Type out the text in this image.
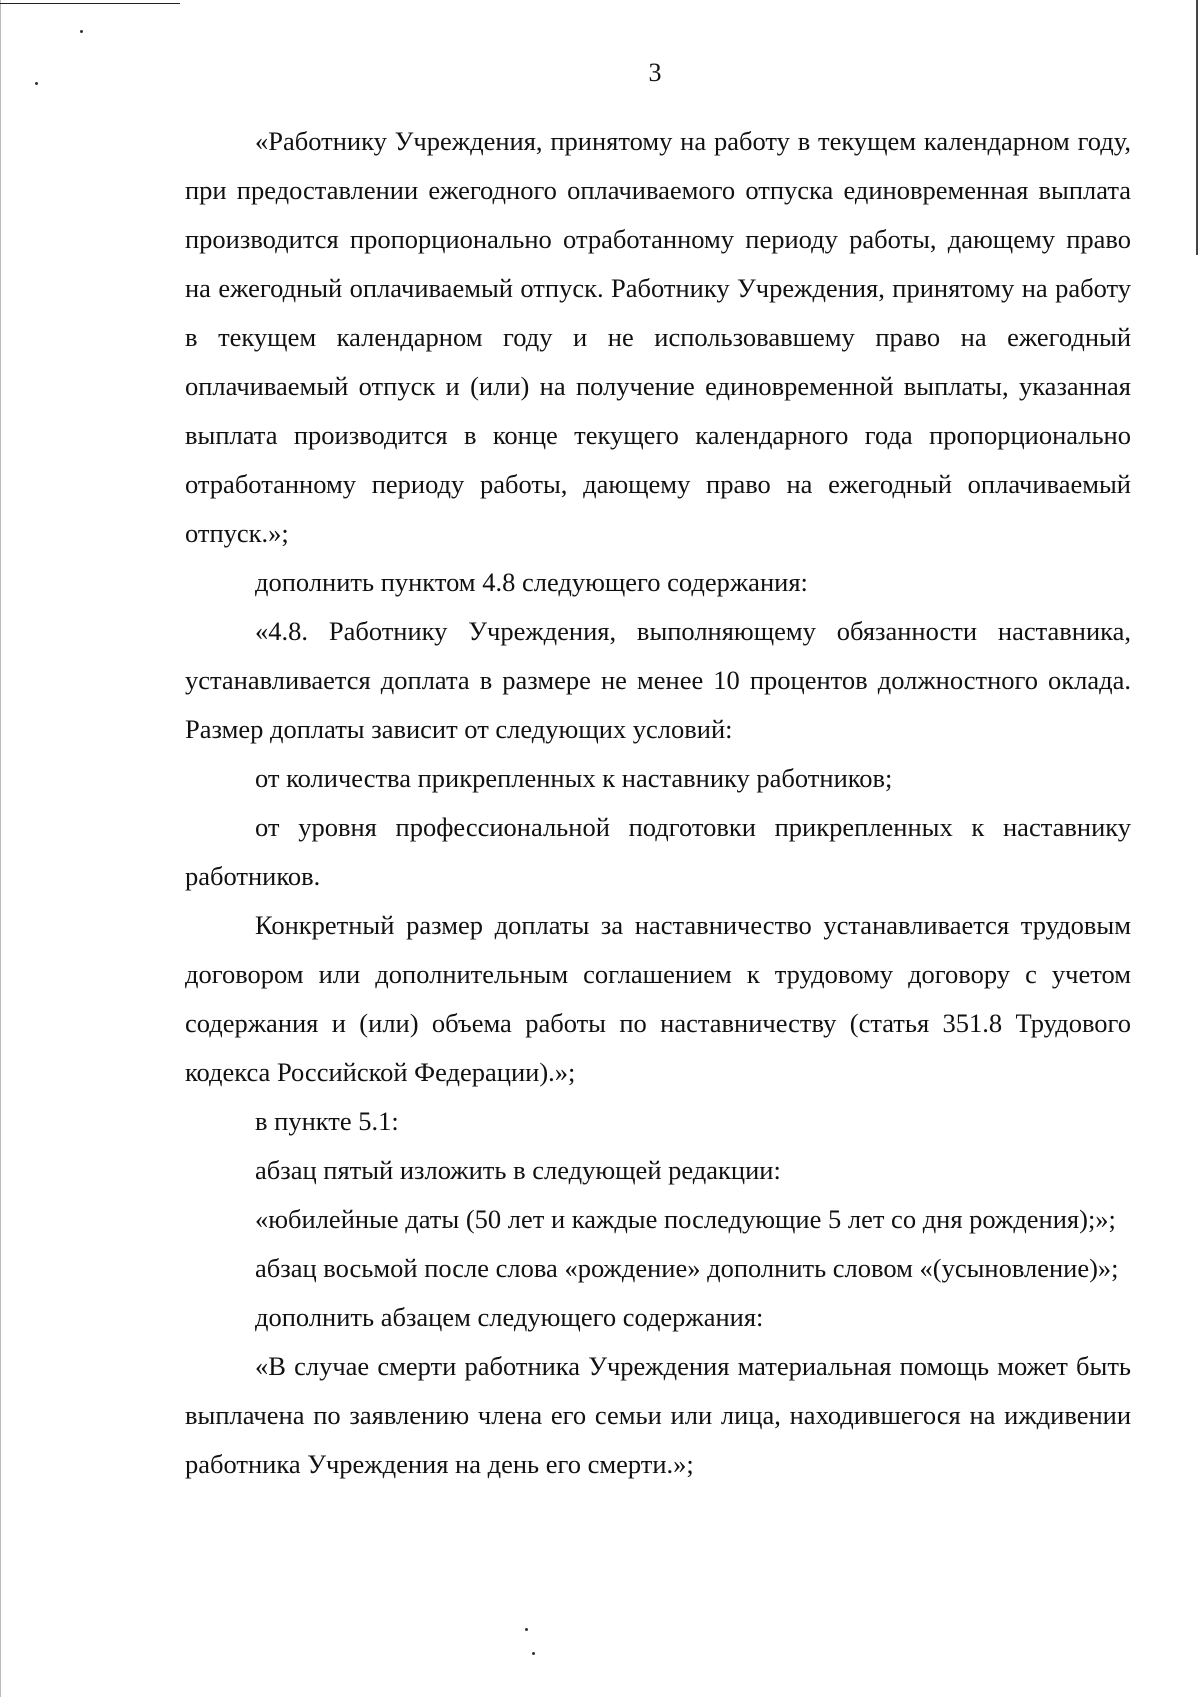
3

«Работнику Учреждения, принятому на работу в текущем календарном году, при предоставлении ежегодного оплачиваемого отпуска единовременная выплата производится пропорционально отработанному периоду работы, дающему право на ежегодный оплачиваемый отпуск. Работнику Учреждения, принятому на работу в текущем календарном году и не использовавшему право на ежегодный оплачиваемый отпуск и (или) на получение единовременной выплаты, указанная выплата производится в конце текущего календарного года пропорционально отработанному периоду работы, дающему право на ежегодный оплачиваемый отпуск.»;

дополнить пунктом 4.8 следующего содержания:

«4.8. Работнику Учреждения, выполняющему обязанности наставника, устанавливается доплата в размере не менее 10 процентов должностного оклада. Размер доплаты зависит от следующих условий:

от количества прикрепленных к наставнику работников;

от уровня профессиональной подготовки прикрепленных к наставнику работников.

Конкретный размер доплаты за наставничество устанавливается трудовым договором или дополнительным соглашением к трудовому договору с учетом содержания и (или) объема работы по наставничеству (статья 351.8 Трудового кодекса Российской Федерации).»;

в пункте 5.1:

абзац пятый изложить в следующей редакции:

«юбилейные даты (50 лет и каждые последующие 5 лет со дня рождения);»;

абзац восьмой после слова «рождение» дополнить словом «(усыновление)»;

дополнить абзацем следующего содержания:

«В случае смерти работника Учреждения материальная помощь может быть выплачена по заявлению члена его семьи или лица, находившегося на иждивении работника Учреждения на день его смерти.»;
